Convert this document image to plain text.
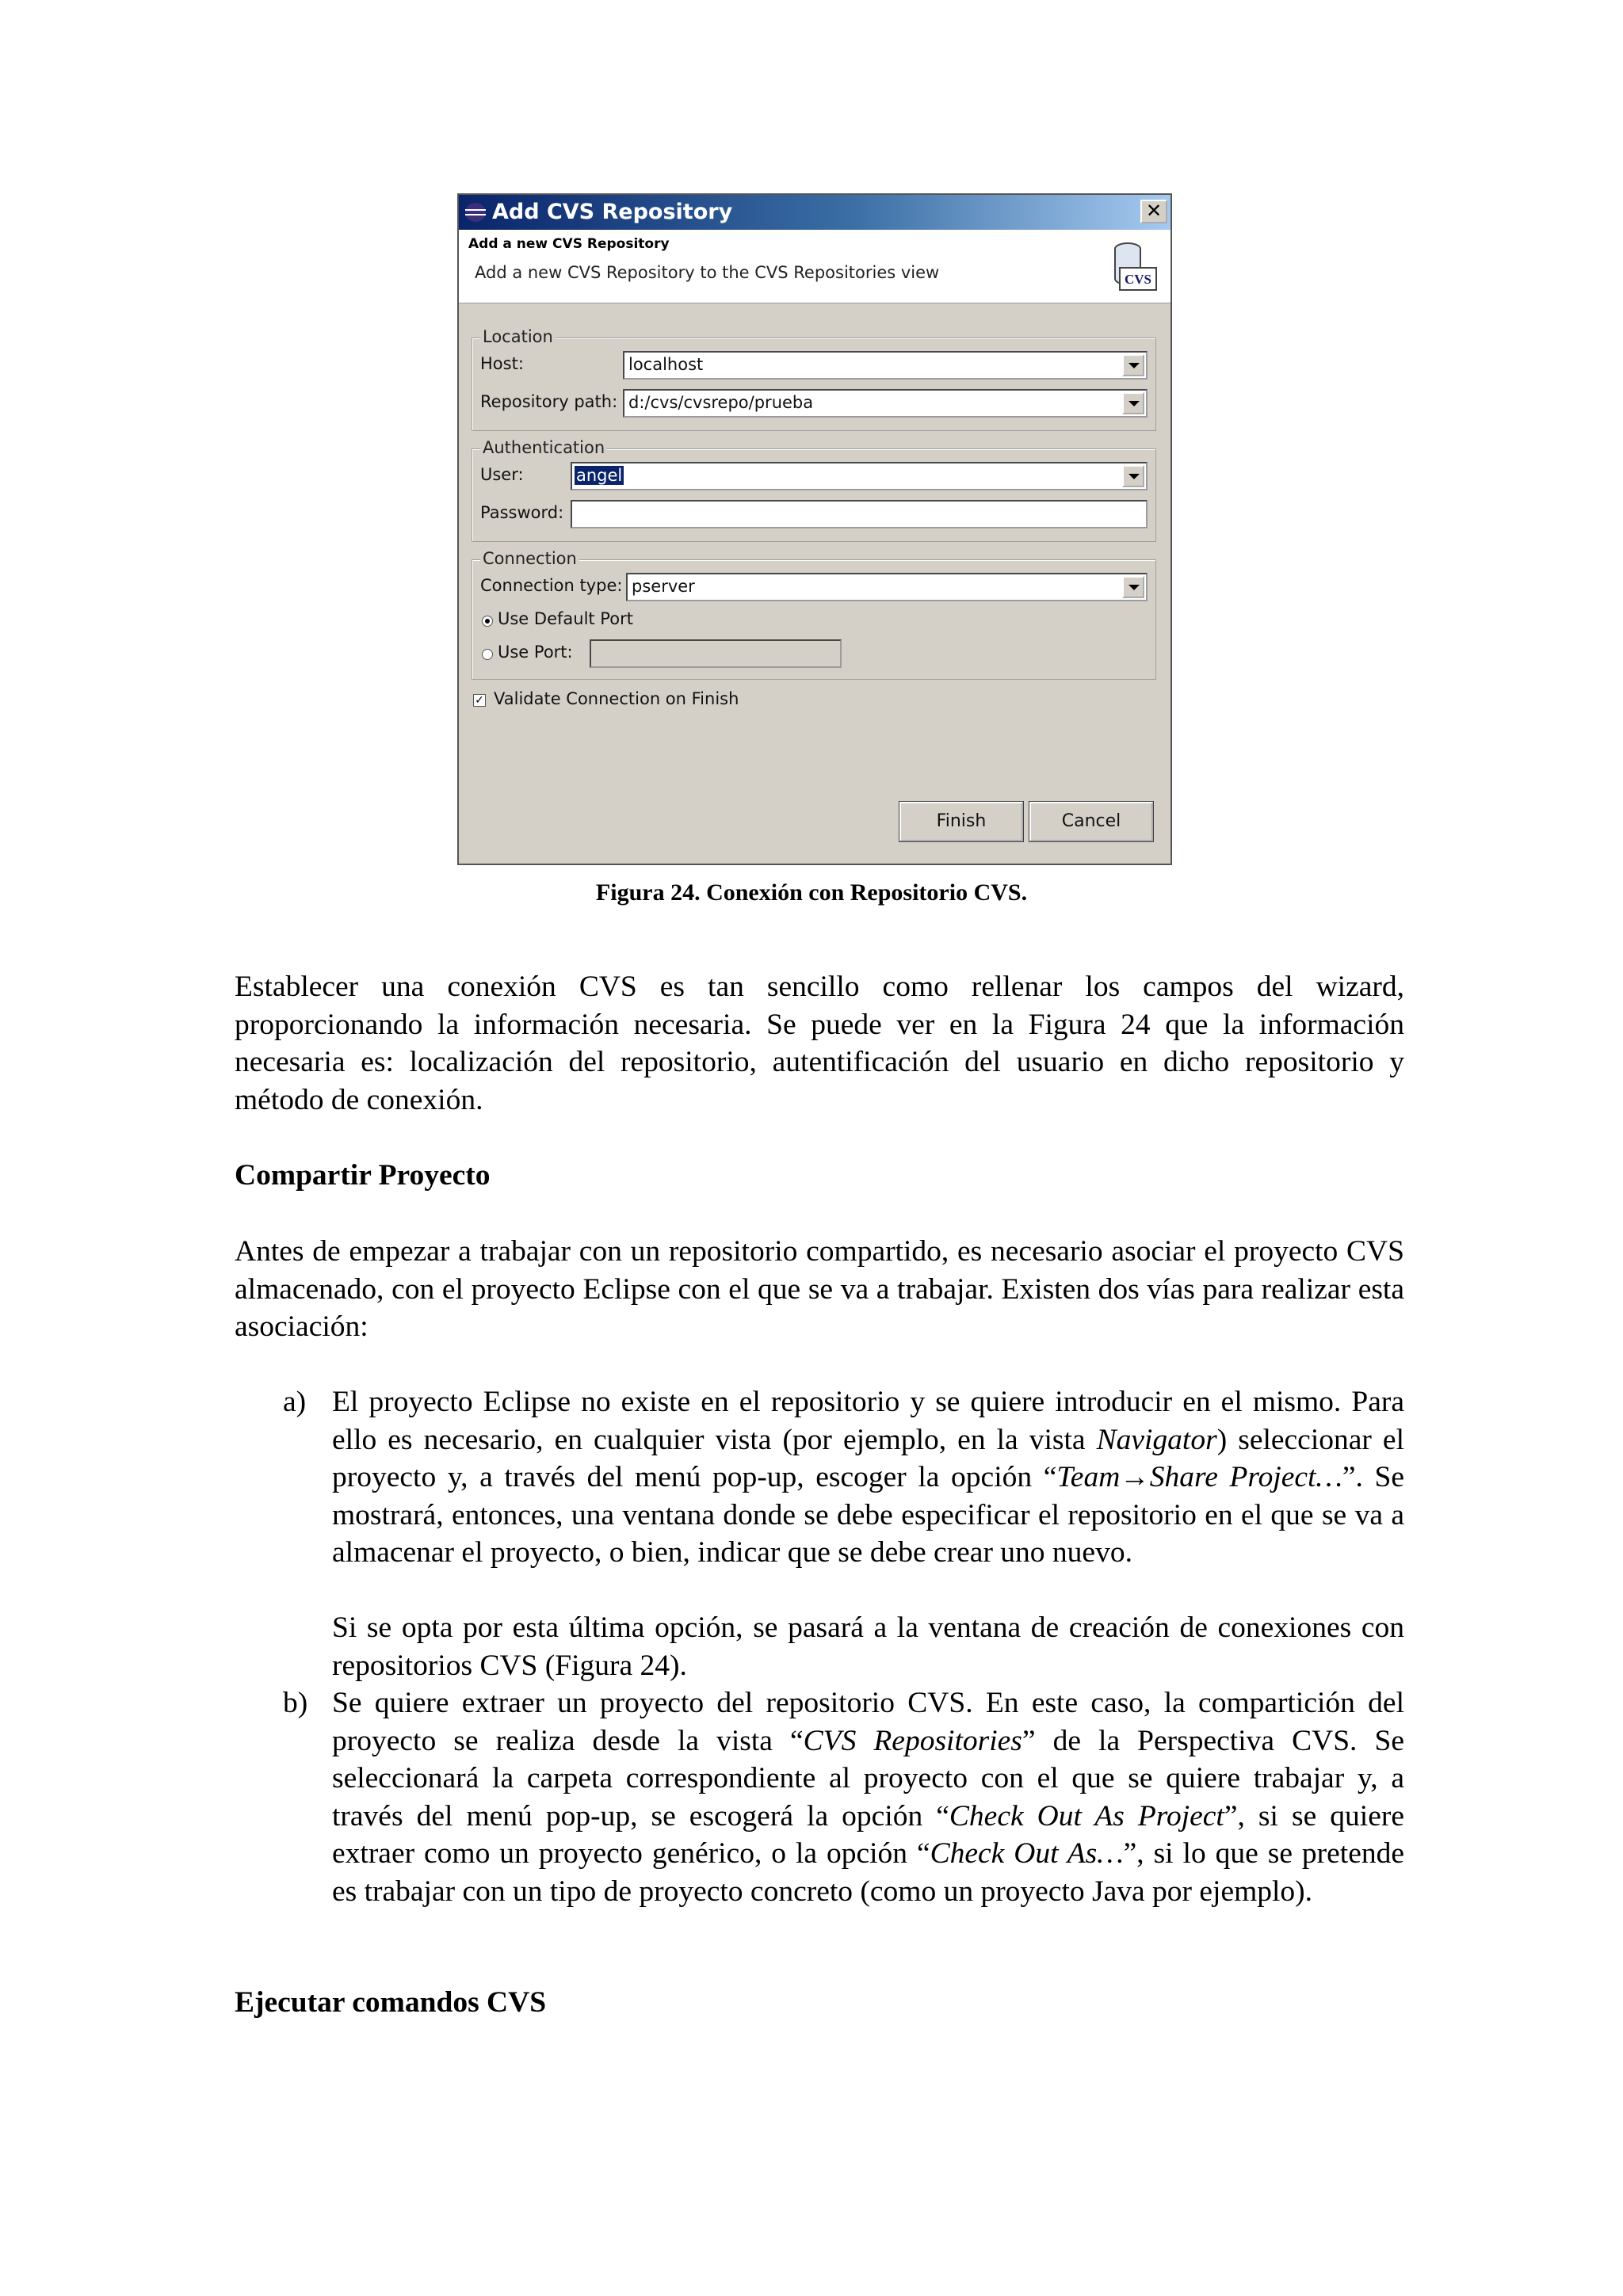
Add CVS Repository	✕
Add a new CVS Repository
Add a new CVS Repository to the CVS Repositories view	CVS
Location
Host:	localhost
Repository path: d:/cvs/cvsrepo/prueba
Authentication
User:	angel
Password:
Connection
Connection type: pserver
Use Default Port
Use Port:
✓ Validate Connection on Finish
Finish	Cancel
Figura 24. Conexión con Repositorio CVS.

Establecer una conexión CVS es tan sencillo como rellenar los campos del wizard, proporcionando la información necesaria. Se puede ver en la Figura 24 que la información necesaria es: localización del repositorio, autentificación del usuario en dicho repositorio y método de conexión.

Compartir Proyecto

Antes de empezar a trabajar con un repositorio compartido, es necesario asociar el proyecto CVS almacenado, con el proyecto Eclipse con el que se va a trabajar. Existen dos vías para realizar esta asociación:

a) El proyecto Eclipse no existe en el repositorio y se quiere introducir en el mismo. Para ello es necesario, en cualquier vista (por ejemplo, en la vista Navigator) seleccionar el proyecto y, a través del menú pop-up, escoger la opción “Team→Share Project…”. Se mostrará, entonces, una ventana donde se debe especificar el repositorio en el que se va a almacenar el proyecto, o bien, indicar que se debe crear uno nuevo.

Si se opta por esta última opción, se pasará a la ventana de creación de conexiones con repositorios CVS (Figura 24).

b) Se quiere extraer un proyecto del repositorio CVS. En este caso, la compartición del proyecto se realiza desde la vista “CVS Repositories” de la Perspectiva CVS. Se seleccionará la carpeta correspondiente al proyecto con el que se quiere trabajar y, a través del menú pop-up, se escogerá la opción “Check Out As Project”, si se quiere extraer como un proyecto genérico, o la opción “Check Out As…”, si lo que se pretende es trabajar con un tipo de proyecto concreto (como un proyecto Java por ejemplo).

Ejecutar comandos CVS
